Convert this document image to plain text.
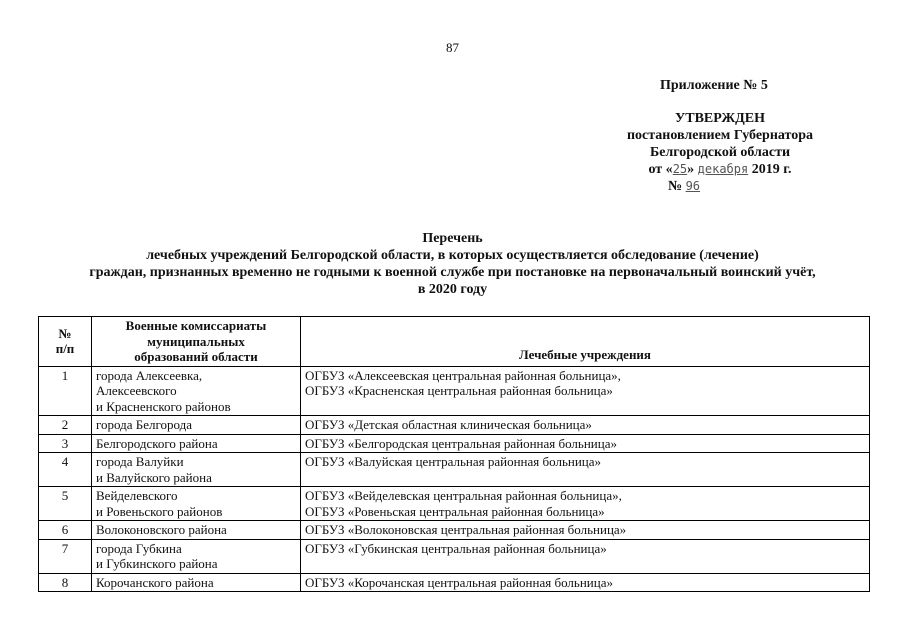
87
Приложение № 5
УТВЕРЖДЕН
постановлением Губернатора
Белгородской области
от «25» декабря 2019 г.
№ 96
Перечень
лечебных учреждений Белгородской области, в которых осуществляется обследование (лечение)
граждан, признанных временно не годными к военной службе при постановке на первоначальный воинский учёт,
в 2020 году
№
п/п	Военные комиссариаты
муниципальных
образований области	Лечебные учреждения
1	города Алексеевка,
Алексеевского
и Красненского районов	ОГБУЗ «Алексеевская центральная районная больница»,
ОГБУЗ «Красненская центральная районная больница»

2	города Белгорода	ОГБУЗ «Детская областная клиническая больница»

3	Белгородского района	ОГБУЗ «Белгородская центральная районная больница»

4	города Валуйки
и Валуйского района	ОГБУЗ «Валуйская центральная районная больница»

5	Вейделевского
и Ровеньского районов	ОГБУЗ «Вейделевская центральная районная больница»,
ОГБУЗ «Ровеньская центральная районная больница»

6	Волоконовского района	ОГБУЗ «Волоконовская центральная районная больница»

7	города Губкина
и Губкинского района	ОГБУЗ «Губкинская центральная районная больница»

8	Корочанского района	ОГБУЗ «Корочанская центральная районная больница»
